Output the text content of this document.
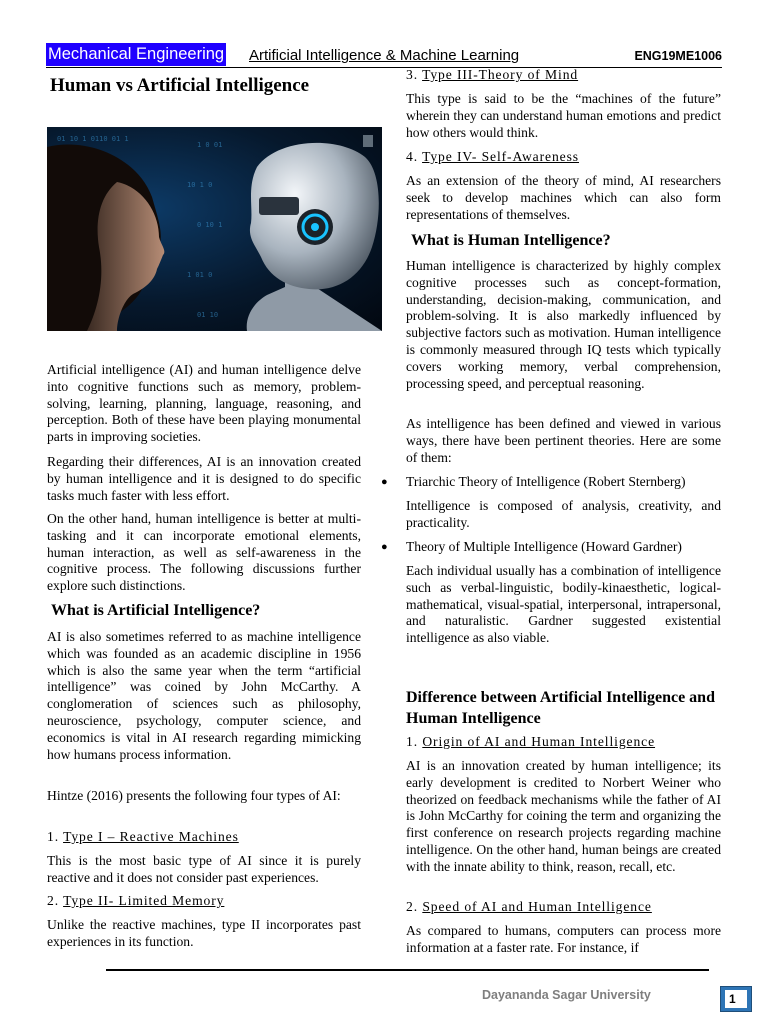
Mechanical Engineering Artificial Intelligence & Machine Learning	ENG19ME1006
Human vs Artificial Intelligence
01 10 1 0110 01 1
1 0 01
10 1 0
0 10 1
1 01 0
01 10

Artificial intelligence (AI) and human intelligence delve into cognitive functions such as memory, problem-solving, learning, planning, language, reasoning, and perception. Both of these have been playing monumental parts in improving societies.

Regarding their differences, AI is an innovation created by human intelligence and it is designed to do specific tasks much faster with less effort.

On the other hand, human intelligence is better at multi-tasking and it can incorporate emotional elements, human interaction, as well as self-awareness in the cognitive process. The following discussions further explore such distinctions.

What is Artificial Intelligence?

AI is also sometimes referred to as machine intelligence which was founded as an academic discipline in 1956 which is also the same year when the term “artificial intelligence” was coined by John McCarthy. A conglomeration of sciences such as philosophy, neuroscience, psychology, computer science, and economics is vital in AI research regarding mimicking how humans process information.

Hintze (2016) presents the following four types of AI:

1. Type I – Reactive Machines

This is the most basic type of AI since it is purely reactive and it does not consider past experiences.

2. Type II- Limited Memory

Unlike the reactive machines, type II incorporates past experiences in its function.

3. Type III-Theory of Mind

This type is said to be the “machines of the future” wherein they can understand human emotions and predict how others would think.

4. Type IV- Self-Awareness

As an extension of the theory of mind, AI researchers seek to develop machines which can also form representations of themselves.

What is Human Intelligence?

Human intelligence is characterized by highly complex cognitive processes such as concept-formation, understanding, decision-making, communication, and problem-solving. It is also markedly influenced by subjective factors such as motivation. Human intelligence is commonly measured through IQ tests which typically covers working memory, verbal comprehension, processing speed, and perceptual reasoning.

As intelligence has been defined and viewed in various ways, there have been pertinent theories. Here are some of them:

● Triarchic Theory of Intelligence (Robert Sternberg)

Intelligence is composed of analysis, creativity, and practicality.

● Theory of Multiple Intelligence (Howard Gardner)

Each individual usually has a combination of intelligence such as verbal-linguistic, bodily-kinaesthetic, logical-mathematical, visual-spatial, interpersonal, intrapersonal, and naturalistic. Gardner suggested existential intelligence as also viable.

Difference between Artificial Intelligence and Human Intelligence
1. Origin of AI and Human Intelligence

AI is an innovation created by human intelligence; its early development is credited to Norbert Weiner who theorized on feedback mechanisms while the father of AI is John McCarthy for coining the term and organizing the first conference on research projects regarding machine intelligence. On the other hand, human beings are created with the innate ability to think, reason, recall, etc.

2. Speed of AI and Human Intelligence

As compared to humans, computers can process more information at a faster rate. For instance, if

Dayananda Sagar University	1
